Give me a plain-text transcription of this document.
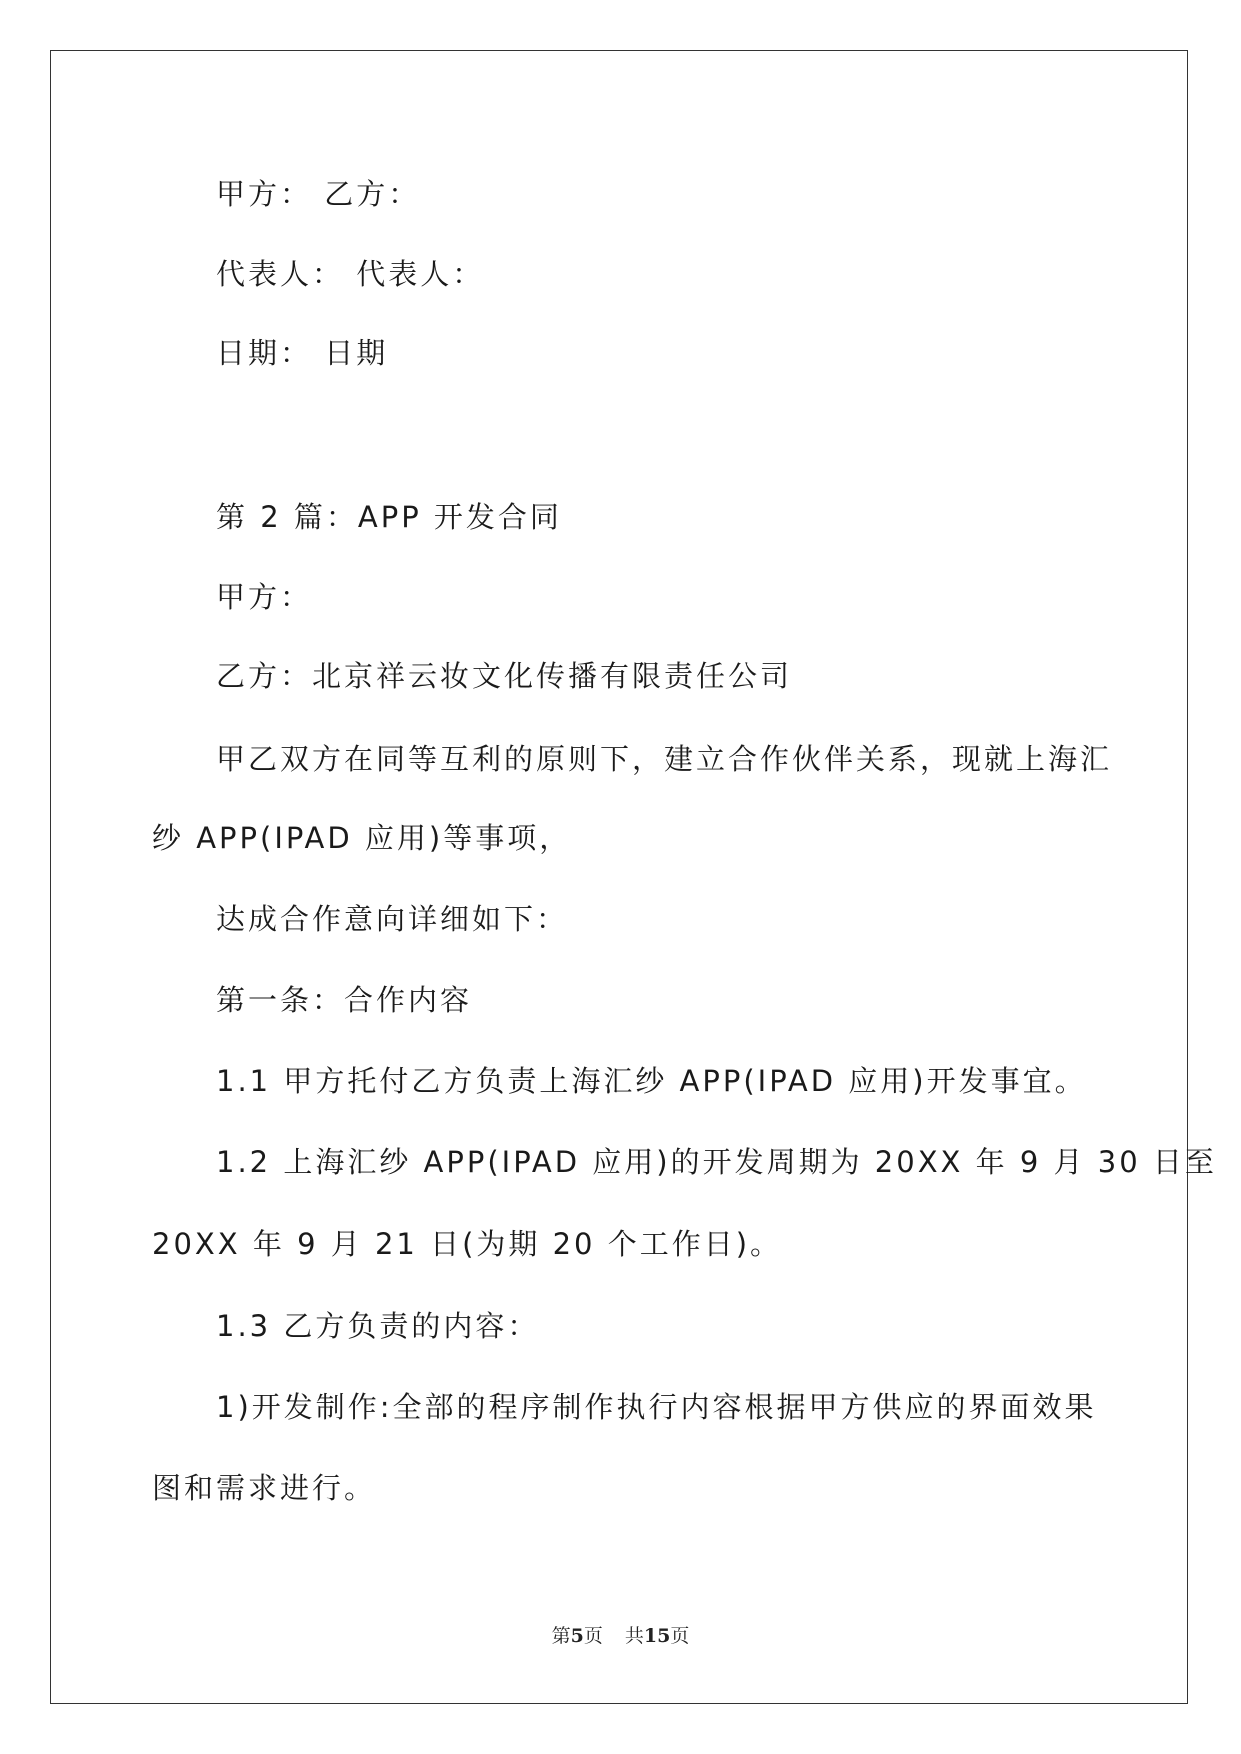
甲方： 乙方：
代表人： 代表人：
日期： 日期
第 2 篇：APP 开发合同
甲方：
乙方：北京祥云妆文化传播有限责任公司
甲乙双方在同等互利的原则下，建立合作伙伴关系，现就上海汇
纱 APP(IPAD 应用)等事项，
达成合作意向详细如下：
第一条：合作内容
1.1 甲方托付乙方负责上海汇纱 APP(IPAD 应用)开发事宜。
1.2 上海汇纱 APP(IPAD 应用)的开发周期为 20XX 年 9 月 30 日至
20XX 年 9 月 21 日(为期 20 个工作日)。
1.3 乙方负责的内容：
1)开发制作:全部的程序制作执行内容根据甲方供应的界面效果
图和需求进行。
第5页 共15页
